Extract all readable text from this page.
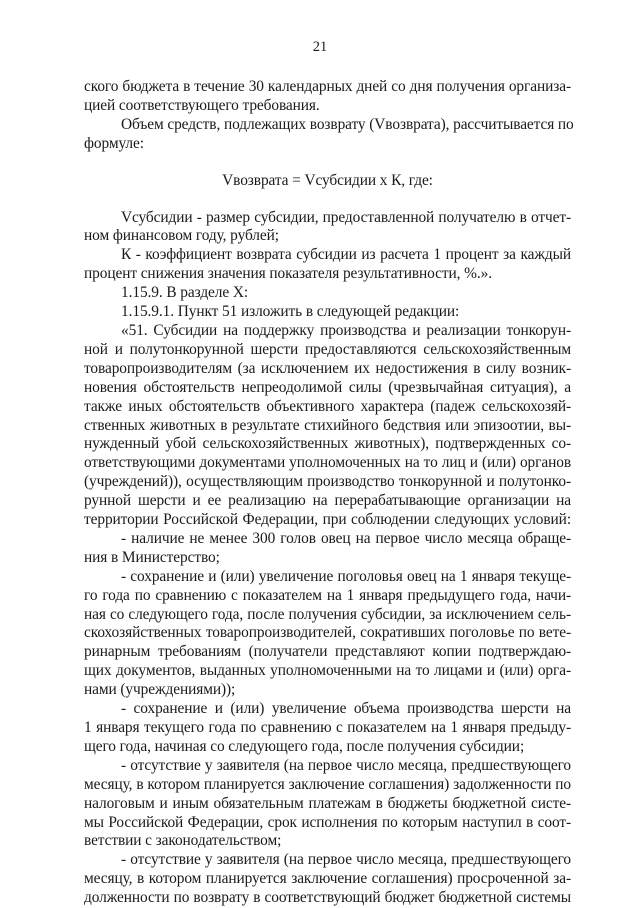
21
ского бюджета в течение 30 календарных дней со дня получения организа-
цией соответствующего требования.
Объем средств, подлежащих возврату (Vвозврата), рассчитывается по
формуле:
Vвозврата = Vсубсидии x К, где:
Vсубсидии - размер субсидии, предоставленной получателю в отчет-
ном финансовом году, рублей;
К - коэффициент возврата субсидии из расчета 1 процент за каждый
процент снижения значения показателя результативности, %.».
1.15.9. В разделе X:
1.15.9.1. Пункт 51 изложить в следующей редакции:
«51. Субсидии на поддержку производства и реализации тонкорун-
ной и полутонкорунной шерсти предоставляются сельскохозяйственным
товаропроизводителям (за исключением их недостижения в силу возник-
новения обстоятельств непреодолимой силы (чрезвычайная ситуация), а
также иных обстоятельств объективного характера (падеж сельскохозяй-
ственных животных в результате стихийного бедствия или эпизоотии, вы-
нужденный убой сельскохозяйственных животных), подтвержденных со-
ответствующими документами уполномоченных на то лиц и (или) органов
(учреждений)), осуществляющим производство тонкорунной и полутонко-
рунной шерсти и ее реализацию на перерабатывающие организации на
территории Российской Федерации, при соблюдении следующих условий:
- наличие не менее 300 голов овец на первое число месяца обраще-
ния в Министерство;
- сохранение и (или) увеличение поголовья овец на 1 января текуще-
го года по сравнению с показателем на 1 января предыдущего года, начи-
ная со следующего года, после получения субсидии, за исключением сель-
скохозяйственных товаропроизводителей, сокративших поголовье по вете-
ринарным требованиям (получатели представляют копии подтверждаю-
щих документов, выданных уполномоченными на то лицами и (или) орга-
нами (учреждениями));
- сохранение и (или) увеличение объема производства шерсти на
1 января текущего года по сравнению с показателем на 1 января предыду-
щего года, начиная со следующего года, после получения субсидии;
- отсутствие у заявителя (на первое число месяца, предшествующего
месяцу, в котором планируется заключение соглашения) задолженности по
налоговым и иным обязательным платежам в бюджеты бюджетной систе-
мы Российской Федерации, срок исполнения по которым наступил в соот-
ветствии с законодательством;
- отсутствие у заявителя (на первое число месяца, предшествующего
месяцу, в котором планируется заключение соглашения) просроченной за-
долженности по возврату в соответствующий бюджет бюджетной системы
